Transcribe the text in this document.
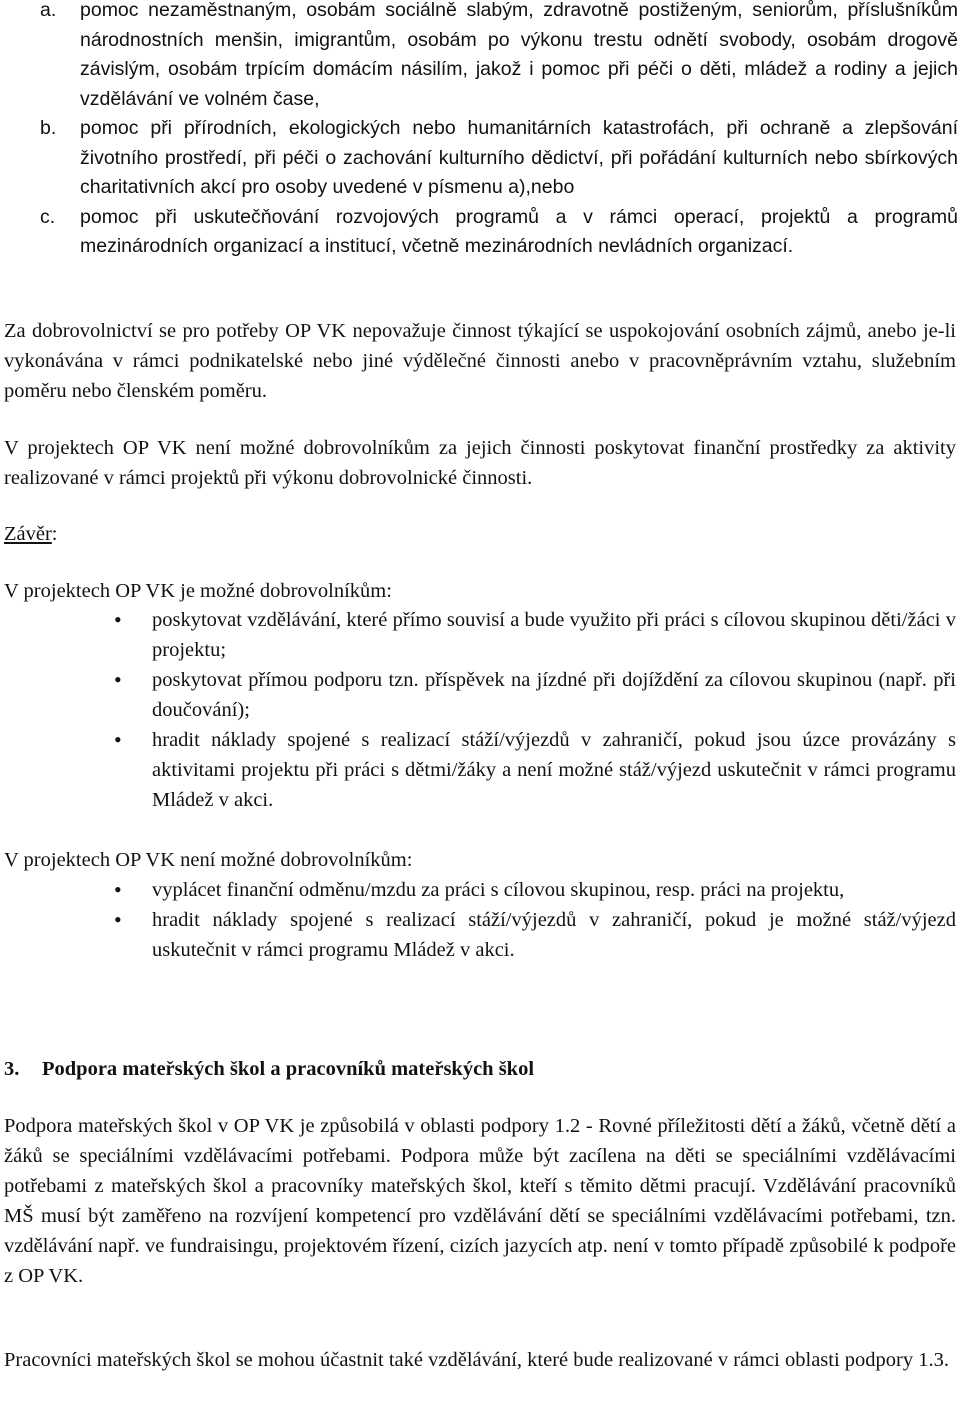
a. pomoc nezaměstnaným, osobám sociálně slabým, zdravotně postiženým, seniorům, příslušníkům národnostních menšin, imigrantům, osobám po výkonu trestu odnětí svobody, osobám drogově závislým, osobám trpícím domácím násilím, jakož i pomoc při péči o děti, mládež a rodiny a jejich vzdělávání ve volném čase,
b. pomoc při přírodních, ekologických nebo humanitárních katastrofách, při ochraně a zlepšování životního prostředí, při péči o zachování kulturního dědictví, při pořádání kulturních nebo sbírkových charitativních akcí pro osoby uvedené v písmenu a),nebo
c. pomoc při uskutečňování rozvojových programů a v rámci operací, projektů a programů mezinárodních organizací a institucí, včetně mezinárodních nevládních organizací.

Za dobrovolnictví se pro potřeby OP VK nepovažuje činnost týkající se uspokojování osobních zájmů, anebo je-li vykonávána v rámci podnikatelské nebo jiné výdělečné činnosti anebo v pracovněprávním vztahu, služebním poměru nebo členském poměru.

V projektech OP VK není možné dobrovolníkům za jejich činnosti poskytovat finanční prostředky za aktivity realizované v rámci projektů při výkonu dobrovolnické činnosti.

Závěr:

V projektech OP VK je možné dobrovolníkům:

• poskytovat vzdělávání, které přímo souvisí a bude využito při práci s cílovou skupinou děti/žáci v projektu;
• poskytovat přímou podporu tzn. příspěvek na jízdné při dojíždění za cílovou skupinou (např. při doučování);
• hradit náklady spojené s realizací stáží/výjezdů v zahraničí, pokud jsou úzce provázány s aktivitami projektu při práci s dětmi/žáky a není možné stáž/výjezd uskutečnit v rámci programu Mládež v akci.

V projektech OP VK není možné dobrovolníkům:

• vyplácet finanční odměnu/mzdu za práci s cílovou skupinou, resp. práci na projektu,
• hradit náklady spojené s realizací stáží/výjezdů v zahraničí, pokud je možné stáž/výjezd uskutečnit v rámci programu Mládež v akci.
3. Podpora mateřských škol a pracovníků mateřských škol

Podpora mateřských škol v OP VK je způsobilá v oblasti podpory 1.2 - Rovné příležitosti dětí a žáků, včetně dětí a žáků se speciálními vzdělávacími potřebami. Podpora může být zacílena na děti se speciálními vzdělávacími potřebami z mateřských škol a pracovníky mateřských škol, kteří s těmito dětmi pracují. Vzdělávání pracovníků MŠ musí být zaměřeno na rozvíjení kompetencí pro vzdělávání dětí se speciálními vzdělávacími potřebami, tzn. vzdělávání např. ve fundraisingu, projektovém řízení, cizích jazycích atp. není v tomto případě způsobilé k podpoře z OP VK.

Pracovníci mateřských škol se mohou účastnit také vzdělávání, které bude realizované v rámci oblasti podpory 1.3.
